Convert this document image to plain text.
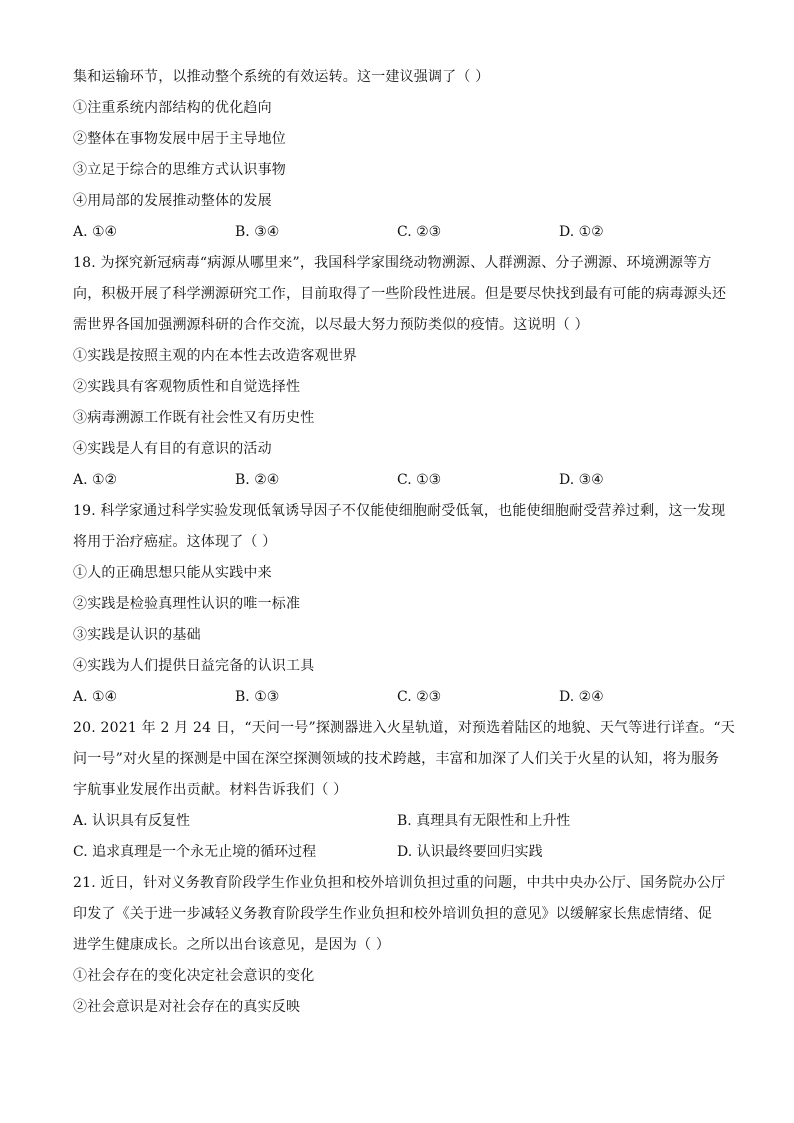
集和运输环节，以推动整个系统的有效运转。这一建议强调了（ ）
①注重系统内部结构的优化趋向
②整体在事物发展中居于主导地位
③立足于综合的思维方式认识事物
④用局部的发展推动整体的发展
A. ①④	B. ③④	C. ②③	D. ①②
18. 为探究新冠病毒“病源从哪里来”，我国科学家围绕动物溯源、人群溯源、分子溯源、环境溯源等方
向，积极开展了科学溯源研究工作，目前取得了一些阶段性进展。但是要尽快找到最有可能的病毒源头还
需世界各国加强溯源科研的合作交流，以尽最大努力预防类似的疫情。这说明（ ）
①实践是按照主观的内在本性去改造客观世界
②实践具有客观物质性和自觉选择性
③病毒溯源工作既有社会性又有历史性
④实践是人有目的有意识的活动
A. ①②	B. ②④	C. ①③	D. ③④
19. 科学家通过科学实验发现低氧诱导因子不仅能使细胞耐受低氧，也能使细胞耐受营养过剩，这一发现
将用于治疗癌症。这体现了（ ）
①人的正确思想只能从实践中来
②实践是检验真理性认识的唯一标准
③实践是认识的基础
④实践为人们提供日益完备的认识工具
A. ①④	B. ①③	C. ②③	D. ②④
20. 2021 年 2 月 24 日，“天问一号”探测器进入火星轨道，对预选着陆区的地貌、天气等进行详查。“天
问一号”对火星的探测是中国在深空探测领域的技术跨越，丰富和加深了人们关于火星的认知，将为服务
宇航事业发展作出贡献。材料告诉我们（ ）
A. 认识具有反复性	B. 真理具有无限性和上升性
C. 追求真理是一个永无止境的循环过程	D. 认识最终要回归实践
21. 近日，针对义务教育阶段学生作业负担和校外培训负担过重的问题，中共中央办公厅、国务院办公厅
印发了《关于进一步减轻义务教育阶段学生作业负担和校外培训负担的意见》以缓解家长焦虑情绪、促
进学生健康成长。之所以出台该意见，是因为（ ）
①社会存在的变化决定社会意识的变化
②社会意识是对社会存在的真实反映
